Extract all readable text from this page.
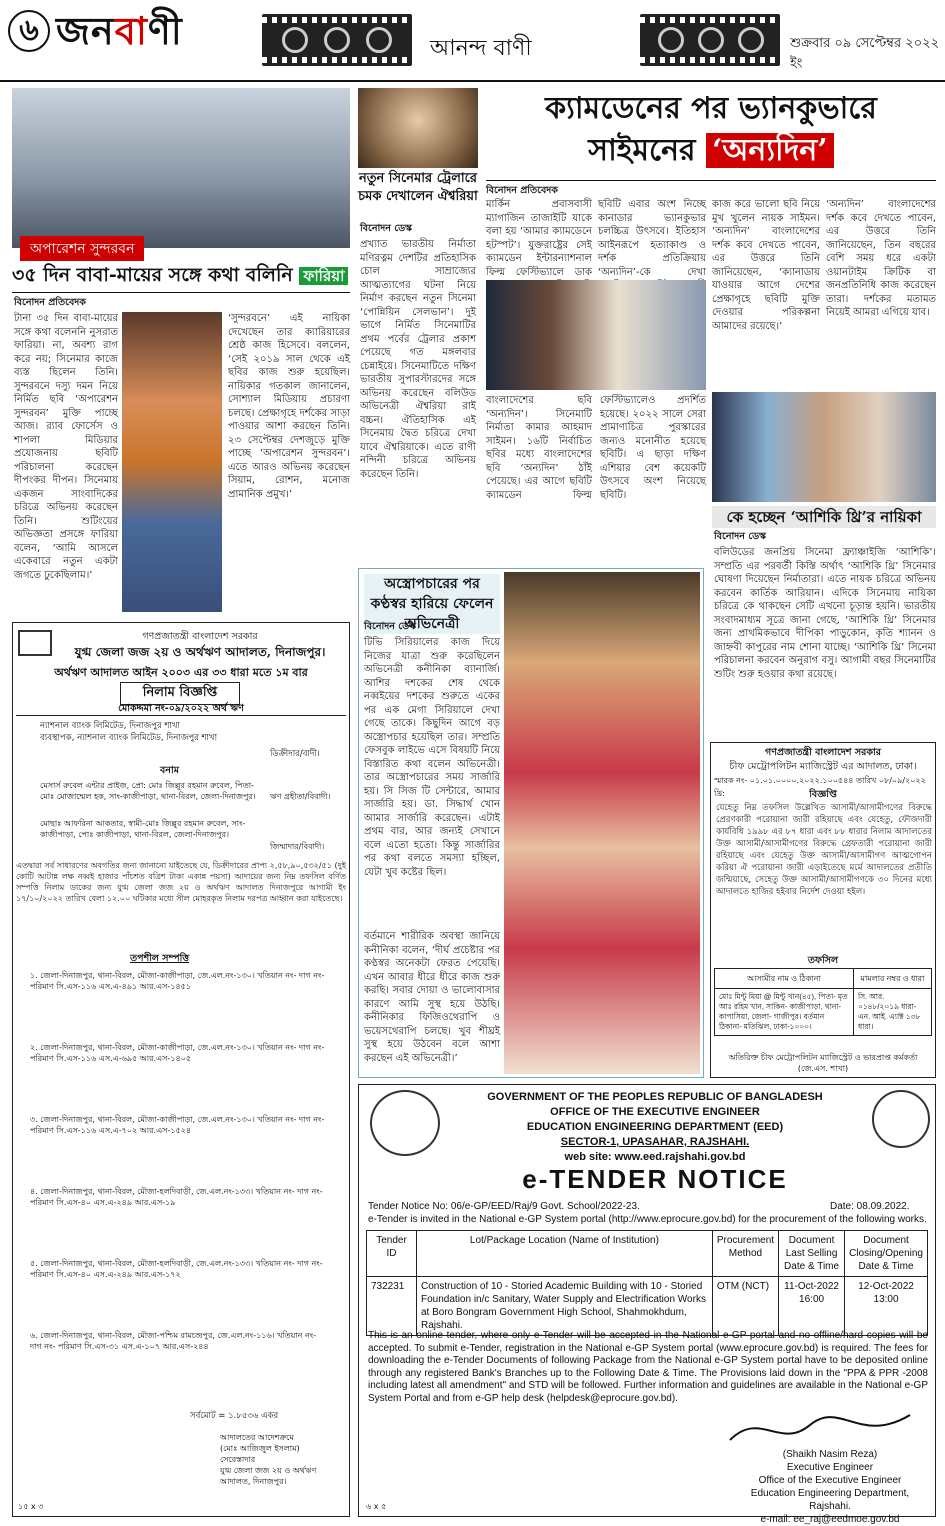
৬ জনবাণী	আনন্দ বাণী	শুক্রবার ০৯ সেপ্টেম্বর ২০২২ ইং
অপারেশন সুন্দরবন
৩৫ দিন বাবা-মায়ের সঙ্গে কথা বলিনি ফারিয়া
বিনোদন প্রতিবেদক
টানা ৩৫ দিন বাবা-মায়ের সঙ্গে কথা বলেননি নুসরাত ফারিয়া। না, অবশ্য রাগ করে নয়; সিনেমার কাজে ব্যস্ত ছিলেন তিনি। সুন্দরবনে দস্যু দমন নিয়ে নির্মিত ছবি ‘অপারেশন সুন্দরবন’ মুক্তি পাচ্ছে আজ। র‍্যাব ফোর্সেস ও শাপলা মিডিয়ার প্রযোজনায় ছবিটি পরিচালনা করেছেন দীপংকর দীপন। সিনেমায় একজন সাংবাদিকের চরিত্রে অভিনয় করেছেন তিনি। শুটিংয়ের অভিজ্ঞতা প্রসঙ্গে ফারিয়া বলেন, ‘আমি আসলে একেবারে নতুন একটা জগতে ঢুকেছিলাম।’
‘সুন্দরবনে’ এই নায়িকা দেখেছেন তার ক্যারিয়ারের শ্রেষ্ঠ কাজ হিসেবে। বললেন, ‘সেই ২০১৯ সাল থেকে এই ছবির কাজ শুরু হয়েছিল। নায়িকার গতকাল জানালেন, সোশ্যাল মিডিয়ায় প্রচারণা চলছে। প্রেক্ষাগৃহে দর্শকের সাড়া পাওয়ার আশা করছেন তিনি। ২৩ সেপ্টেম্বর দেশজুড়ে মুক্তি পাচ্ছে ‘অপারেশন সুন্দরবন’। এতে আরও অভিনয় করেছেন সিয়াম, রোশন, মনোজ প্রামানিক প্রমুখ।’
নতুন সিনেমার ট্রেলারে চমক দেখালেন ঐশ্বরিয়া
বিনোদন ডেস্ক
প্রখ্যাত ভারতীয় নির্মাতা মণিরত্নম দেশটির প্রতিহাসিক চোল সাম্রাজ্যের আত্মত্যাগের ঘটনা নিয়ে নির্মাণ করছেন নতুন সিনেমা ‘পোন্নিয়িন সেলভান’। দুই ভাগে নির্মিত সিনেমাটির প্রথম পর্বের ট্রেলার প্রকাশ পেয়েছে গত মঙ্গলবার চেন্নাইয়ে। সিনেমাটিতে দক্ষিণ ভারতীয় সুপারস্টারদের সঙ্গে অভিনয় করেছেন বলিউড অভিনেত্রী ঐশ্বরিয়া রাই বচ্চন। ঐতিহাসিক এই সিনেমায় দ্বৈত চরিত্রে দেখা যাবে ঐশ্বরিয়াকে। এতে রাণী নন্দিনী চরিত্রে অভিনয় করেছেন তিনি।
ক্যামডেনের পর ভ্যানকুভারে
সাইমনের ‘অন্যদিন’
বিনোদন প্রতিবেদক
মার্কিন প্রবাসবাসী ম্যাগাজিন তাজাইটি যাকে বলা হয় ‘আমার ক্যামডেনে হটস্পট’। যুক্তরাষ্ট্রের সেই ক্যামডেন ইন্টারন্যাশনাল ফিল্ম ফেস্টিভ্যালে ডাক
ছবিটি এবার অংশ নিচ্ছে কানাডার ভ্যানকুভার চলচ্চিত্র উৎসবে। ইতিহাস আইনরূপে হত্যাকাণ্ড ও দর্শক প্রতিক্রিয়ায় ‘অন্যদিন’-কে দেখা
কাজ করে ভালো ছবি নিয়ে মুখ খুলেন নায়ক সাইমন। ‘অন্যদিন’ বাংলাদেশের দর্শক কবে দেখতে পাবেন, এর উত্তরে তিনি জানিয়েছেন, ‘ক্যানাডায় যাওয়ার আগে দেশের প্রেক্ষাগৃহে ছবিটি মুক্তি দেওয়ার পরিকল্পনা আমাদের রয়েছে।’
‘অন্যদিন’ বাংলাদেশের দর্শক কবে দেখতে পাবেন, এর উত্তরে তিনি জানিয়েছেন, তিন বছরের বেশি সময় ধরে একটা ওয়ানটাইম ক্রিটিক বা জনপ্রতিনিধি কাজ করেছেন তারা। দর্শকের মতামত নিয়েই আমরা এগিয়ে যাব।
বাংলাদেশের ছবি ‘অন্যদিন’। সিনেমাটি নির্মাতা কামার আহমাদ সাইমন। ১৬টি নির্বাচিত ছবির মধ্যে বাংলাদেশের ছবি ‘অন্যদিন’ ঠাঁই পেয়েছে। এর আগে ছবিটি ক্যামডেন ফিল্ম ফেস্টিভ্যালেও প্রদর্শিত হয়েছে। ২০২২ সালে সেরা প্রামাণ্যচিত্র পুরস্কারের জন্যও মনোনীত হয়েছে ছবিটি। এ ছাড়া দক্ষিণ এশিয়ার বেশ কয়েকটি উৎসবে অংশ নিয়েছে ছবিটি।
কে হচ্ছেন ‘আশিকি থ্রি’র নায়িকা
বিনোদন ডেস্ক
বলিউডের জনপ্রিয় সিনেমা ফ্র্যাঞ্চাইজি ‘আশিকি’। সম্প্রতি এর পরবর্তী কিস্তি অর্থাৎ ‘আশিকি থ্রি’ সিনেমার ঘোষণা দিয়েছেন নির্মাতারা। এতে নায়ক চরিত্রে অভিনয় করবেন কার্তিক আরিয়ান। এদিকে সিনেমায় নায়িকা চরিত্রে কে থাকছেন সেটি এখনো চূড়ান্ত হয়নি। ভারতীয় সংবাদমাধ্যম সূত্রে জানা গেছে, ‘আশিকি থ্রি’ সিনেমার জন্য প্রাথমিকভাবে দীপিকা পাড়ুকোন, কৃতি শ্যানন ও জাহ্নবী কাপুরের নাম শোনা যাচ্ছে। ‘আশিকি থ্রি’ সিনেমা পরিচালনা করবেন অনুরাগ বসু। আগামী বছর সিনেমাটির শুটিং শুরু হওয়ার কথা রয়েছে।
অস্ত্রোপচারের পর কণ্ঠস্বর হারিয়ে ফেলেন অভিনেত্রী
বিনোদন ডেস্ক
টিভি সিরিয়ালের কাজ দিয়ে নিজের যাত্রা শুরু করেছিলেন অভিনেত্রী কনীনিকা ব্যানার্জি। আশির দশকের শেষ থেকে নব্বইয়ের দশকের শুরুতে একের পর এক মেগা সিরিয়ালে দেখা গেছে তাকে। কিছুদিন আগে বড় অস্ত্রোপচার হয়েছিল তার। সম্প্রতি ফেসবুক লাইভে এসে বিষয়টি নিয়ে বিস্তারিত কথা বলেন অভিনেত্রী। তার অস্ত্রোপচারের সময় সার্জারি হয়। সি সিজ টি সেন্টারে, আমার সার্জারি হয়। ডা. সিদ্ধার্থ খোন আমার সার্জারি করেছেন। এটাই প্রথম বার, আর জন্যই সেখানে বলে এতো হতো। কিন্তু সার্জারির পর কথা বলতে সমস্যা হচ্ছিল, যেটা খুব কষ্টের ছিল।
বর্তমানে শারীরিক অবস্থা জানিয়ে কনীনিকা বলেন, ‘দীর্ঘ প্রচেষ্টার পর কণ্ঠস্বর অনেকটা ফেরত পেয়েছি। এখন আবার ধীরে ধীরে কাজ শুরু করছি। সবার দোয়া ও ভালোবাসার কারণে আমি সুস্থ হয়ে উঠছি। কনীনিকার ফিজিওথেরাপি ও ভয়েসথেরাপি চলছে। খুব শীঘ্রই সুস্থ হয়ে উঠবেন বলে আশা করছেন এই অভিনেত্রী।’
গণপ্রজাতন্ত্রী বাংলাদেশ সরকার
চীফ মেট্রোপলিটন ম্যাজিস্ট্রেট এর আদালত, ঢাকা।
স্মারক নং- ০১.০১.০০০০.২০২২.১০০৫৪৪ তারিখ ০৮/০৯/২০২২ খ্রি:	বিজ্ঞপ্তি
যেহেতু নিম্ন তফসিল উল্লেখিত আসামী/আসামীগণের বিরুদ্ধে প্রেরণকারী পরোয়ানা জারী রহিয়াছে এবং যেহেতু, ফৌজদারী কার্যবিধি ১৯৯৮ এর ৮৭ ধারা এবং ৮৮ ধারার নিলাম আদালতের উক্ত আসামী/আসামীগণের বিরুদ্ধে গ্রেফতারী পরোয়ানা জারী রহিয়াছে এবং যেহেতু উক্ত আসামী/আসামীগণ আত্মগোপন করিয়া ঐ পরোয়ানা জারী এড়াইতেছে মর্মে আদালতের প্রতীতি জন্মিয়াছে, সেহেতু উক্ত আসামী/আসামীগণকে ৩০ দিনের মধ্যে আদালতে হাজির হইবার নির্দেশ দেওয়া হইল।
তফসিল
আসামীর নাম ও ঠিকানা	মামলার নম্বর ও ধারা
মোঃ মিন্টু মিয়া @ মিন্টু খান(৪৫), পিতা- মৃত আঃ রহিম খান, সাকিন- কাজীপাড়া, থানা- কাপাসিয়া, জেলা- গাজীপুর। বর্তমান ঠিকানা- মতিঝিল, ঢাকা-১০০০।	সি. আর. ০১৪৮/২০১৯ ধারা- এন. আই. এ্যাক্ট ১৩৮ ধারা।
অতিরিক্ত চীফ মেট্রোপলিটন ম্যাজিস্ট্রেট ও ভারপ্রাপ্ত কর্মকর্তা (জে.এস. শাখা)
গণপ্রজাতন্ত্রী বাংলাদেশ সরকার
যুগ্ম জেলা জজ ২য় ও অর্থঋণ আদালত, দিনাজপুর।
অর্থঋণ আদালত আইন ২০০৩ এর ৩৩ ধারা মতে ১ম বার
নিলাম বিজ্ঞপ্তি
মোকদ্দমা নং-০৯/২০২২ অর্থ ঋণ
ন্যাশনাল ব্যাংক লিমিটেড, দিনাজপুর শাখা
ব্যবস্থাপক, ন্যাশনাল ব্যাংক লিমিটেড, দিনাজপুর শাখা
ডিক্রীদার/বাদী।
বনাম
মেসার্স রুবেল এন্টার প্রাইজ, প্রো: মোঃ জিল্লুর রহমান রুবেল, পিতা-মোঃ মোজাম্মেল হক, সাং-কাজীপাড়া, থানা-বিরল, জেলা-দিনাজপুর।	ঋণ গ্রহীতা/বিবাদী।
মোছাঃ আফরিনা আকতার, স্বামী-মোঃ জিল্লুর রহমান রুবেল, সাং-কাজীপাড়া, পোঃ কাজীপাড়া, থানা-বিরল, জেলা-দিনাজপুর।
জিম্মাদার/বিবাদী।
এতদ্বারা সর্ব সাধারণের অবগতির জন্য জানানো যাইতেছে যে, ডিক্রীদারের প্রাপ্য ২,৫৮,৯০,৫৩২/৫১ (দুই কোটি আটান্ন লক্ষ নব্বই হাজার পাঁচশত বত্রিশ টাকা একান্ন পয়সা) আদায়ের জন্য নিম্ন তফসিল বর্ণিত সম্পত্তি নিলাম ডাকের জন্য যুগ্ম জেলা জজ ২য় ও অর্থঋণ আদালত দিনাজপুরে আগামী ইং ১৭/১০/২০২২ তারিখ বেলা ১২.০০ ঘটিকার মধ্যে সীল মোহরকৃত নিলাম দরপত্র আহ্বান করা যাইতেছে।
তপশীল সম্পত্তি
১. জেলা-দিনাজপুর, থানা-বিরল, মৌজা-কাজীপাড়া, জে.এল.নং-১৩০। খতিয়ান নং- দাগ নং- পরিমাণ সি.এস-১১৬ এস.এ-৪৯১ আর.এস-১৪৫১
২. জেলা-দিনাজপুর, থানা-বিরল, মৌজা-কাজীপাড়া, জে.এল.নং-১৩০। খতিয়ান নং- দাগ নং- পরিমাণ সি.এস-১১৬ এস.এ-৬৯৫ আর.এস-১৪০৫
৩. জেলা-দিনাজপুর, থানা-বিরল, মৌজা-কাজীপাড়া, জে.এল.নং-১৩০। খতিয়ান নং- দাগ নং- পরিমাণ সি.এস-১১৬ এস.এ-৭০২ আর.এস-১৫২৪
৪. জেলা-দিনাজপুর, থানা-বিরল, মৌজা-হলদিবাড়ী, জে.এল.নং-১৩৩। খতিয়ান নং- দাগ নং- পরিমাণ সি.এস-৪০ এস.এ-২৪৯ আর.এস-১৯
৫. জেলা-দিনাজপুর, থানা-বিরল, মৌজা-হলদিবাড়ী, জে.এল.নং-১৩৩। খতিয়ান নং- দাগ নং- পরিমাণ সি.এস-৪০ এস.এ-২৪৯ আর.এস-১৭২
৬. জেলা-দিনাজপুর, থানা-বিরল, মৌজা-পশ্চিম রামচন্দ্রপুর, জে.এল.নং-১১৬। খতিয়ান নং- দাগ নং- পরিমাণ সি.এস-৩১ এস.এ-১০৭ আর.এস-২৪৪
সর্বমোট = ১.৮৫৩৬ একর
আদালতের আদেশক্রমে
(মোঃ আজিজুল ইসলাম)
সেরেস্তাদার
যুগ্ম জেলা জজ ২য় ও অর্থঋণ আদালত, দিনাজপুর।
১৫ x ৩
GOVERNMENT OF THE PEOPLES REPUBLIC OF BANGLADESH
OFFICE OF THE EXECUTIVE ENGINEER
EDUCATION ENGINEERING DEPARTMENT (EED)
SECTOR-1, UPASAHAR, RAJSHAHI.
web site: www.eed.rajshahi.gov.bd
e-TENDER NOTICE
Tender Notice No: 06/e-GP/EED/Raj/9 Govt. School/2022-23.	Date: 08.09.2022.
e-Tender is invited in the National e-GP System portal (http://www.eprocure.gov.bd) for the procurement of the following works.
Tender ID	Lot/Package Location (Name of Institution)	Procurement Method	Document Last Selling Date & Time	Document Closing/Opening Date & Time
732231	Construction of 10 - Storied Academic Building with 10 - Storied Foundation in/c Sanitary, Water Supply and Electrification Works at Boro Bongram Government High School, Shahmokhdum, Rajshahi.	OTM (NCT)	11-Oct-2022 16:00	12-Oct-2022 13:00
This is an online tender, where only e-Tender will be accepted in the National e-GP portal and no offline/hard copies will be accepted. To submit e-Tender, registration in the National e-GP System portal (www.eprocure.gov.bd) is required. The fees for downloading the e-Tender Documents of following Package from the National e-GP System portal have to be deposited online through any registered Bank's Branches up to the Following Date & Time. The Provisions laid down in the "PPA & PPR -2008 including latest all amendment" and STD will be followed. Further information and guidelines are available in the National e-GP System Portal and from e-GP help desk (helpdesk@eprocure.gov.bd).
(Shaikh Nasim Reza)
Executive Engineer
Office of the Executive Engineer
Education Engineering Department, Rajshahi.
e-mail: ee_raj@eedmoe.gov.bd
৬ x ৫
